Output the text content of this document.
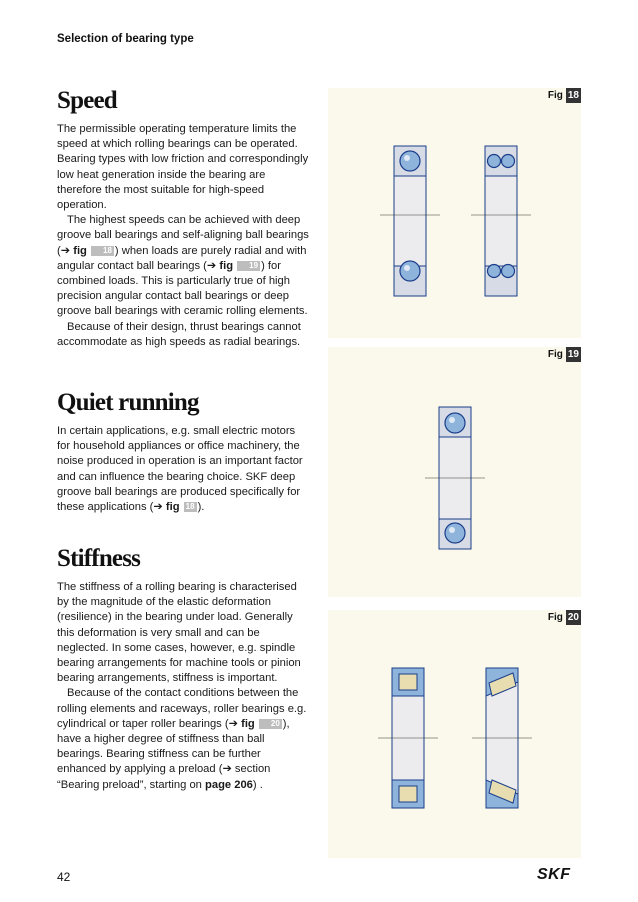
Selection of bearing type
Speed

The permissible operating temperature limits the speed at which rolling bearings can be operated. Bearing types with low friction and correspondingly low heat generation inside the bearing are therefore the most suitable for high-speed operation.

The highest speeds can be achieved with deep groove ball bearings and self-aligning ball bearings (➔ fig 18 ) when loads are purely radial and with angular contact ball bearings (➔ fig 19 ) for combined loads. This is particularly true of high precision angular contact ball bearings or deep groove ball bearings with ceramic rolling elements.

Because of their design, thrust bearings cannot accommodate as high speeds as radial bearings.

Quiet running

In certain applications, e.g. small electric motors for household appliances or office machinery, the noise produced in operation is an important factor and can influence the bearing choice. SKF deep groove ball bearings are produced specifically for these applications (➔ fig 18 ).

Stiffness

The stiffness of a rolling bearing is characterised by the magnitude of the elastic deformation (resilience) in the bearing under load. Generally this deformation is very small and can be neglected. In some cases, however, e.g. spindle bearing arrangements for machine tools or pinion bearing arrangements, stiffness is important.

Because of the contact conditions between the rolling elements and raceways, roller bearings e.g. cylindrical or taper roller bearings (➔ fig 20 ), have a higher degree of stiffness than ball bearings. Bearing stiffness can be further enhanced by applying a preload (➔ section “Bearing preload”, starting on page 206) .

Fig 18
Fig 19
Fig 20
42	SKF
